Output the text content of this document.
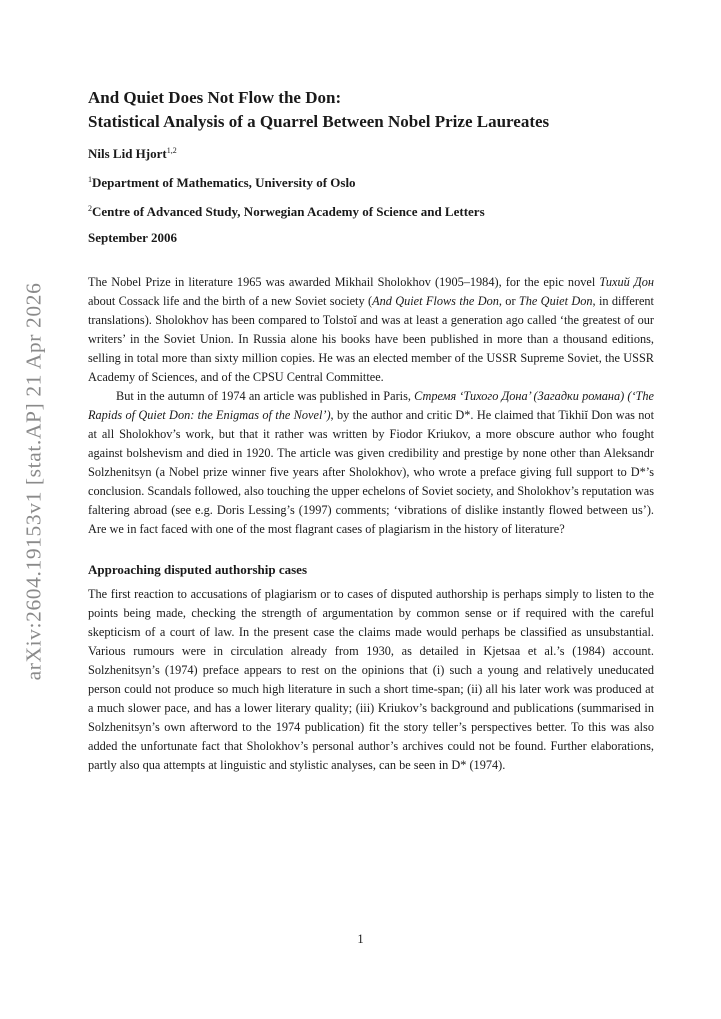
arXiv:2604.19153v1 [stat.AP] 21 Apr 2026
And Quiet Does Not Flow the Don:
Statistical Analysis of a Quarrel Between Nobel Prize Laureates
Nils Lid Hjort$^{1,2}$
$^1$Department of Mathematics, University of Oslo
$^2$Centre of Advanced Study, Norwegian Academy of Science and Letters
September 2006

The Nobel Prize in literature 1965 was awarded Mikhail Sholokhov (1905–1984), for the epic novel Тихий Дон about Cossack life and the birth of a new Soviet society (And Quiet Flows the Don, or The Quiet Don, in different translations). Sholokhov has been compared to Tolstoĭ and was at least a generation ago called ‘the greatest of our writers’ in the Soviet Union. In Russia alone his books have been published in more than a thousand editions, selling in total more than sixty million copies. He was an elected member of the USSR Supreme Soviet, the USSR Academy of Sciences, and of the CPSU Central Committee.

But in the autumn of 1974 an article was published in Paris, Стремя ‘Тихого Дона’ (Загадки романа) (‘The Rapids of Quiet Don: the Enigmas of the Novel’), by the author and critic D*. He claimed that Tikhiĭ Don was not at all Sholokhov’s work, but that it rather was written by Fiodor Kriukov, a more obscure author who fought against bolshevism and died in 1920. The article was given credibility and prestige by none other than Aleksandr Solzhenitsyn (a Nobel prize winner five years after Sholokhov), who wrote a preface giving full support to D*’s conclusion. Scandals followed, also touching the upper echelons of Soviet society, and Sholokhov’s reputation was faltering abroad (see e.g. Doris Lessing’s (1997) comments; ‘vibrations of dislike instantly flowed between us’). Are we in fact faced with one of the most flagrant cases of plagiarism in the history of literature?

Approaching disputed authorship cases

The first reaction to accusations of plagiarism or to cases of disputed authorship is perhaps simply to listen to the points being made, checking the strength of argumentation by common sense or if required with the careful skepticism of a court of law. In the present case the claims made would perhaps be classified as unsubstantial. Various rumours were in circulation already from 1930, as detailed in Kjetsaa et al.’s (1984) account. Solzhenitsyn’s (1974) preface appears to rest on the opinions that (i) such a young and relatively uneducated person could not produce so much high literature in such a short time-span; (ii) all his later work was produced at a much slower pace, and has a lower literary quality; (iii) Kriukov’s background and publications (summarised in Solzhenitsyn’s own afterword to the 1974 publication) fit the story teller’s perspectives better. To this was also added the unfortunate fact that Sholokhov’s personal author’s archives could not be found. Further elaborations, partly also qua attempts at linguistic and stylistic analyses, can be seen in D* (1974).

1
